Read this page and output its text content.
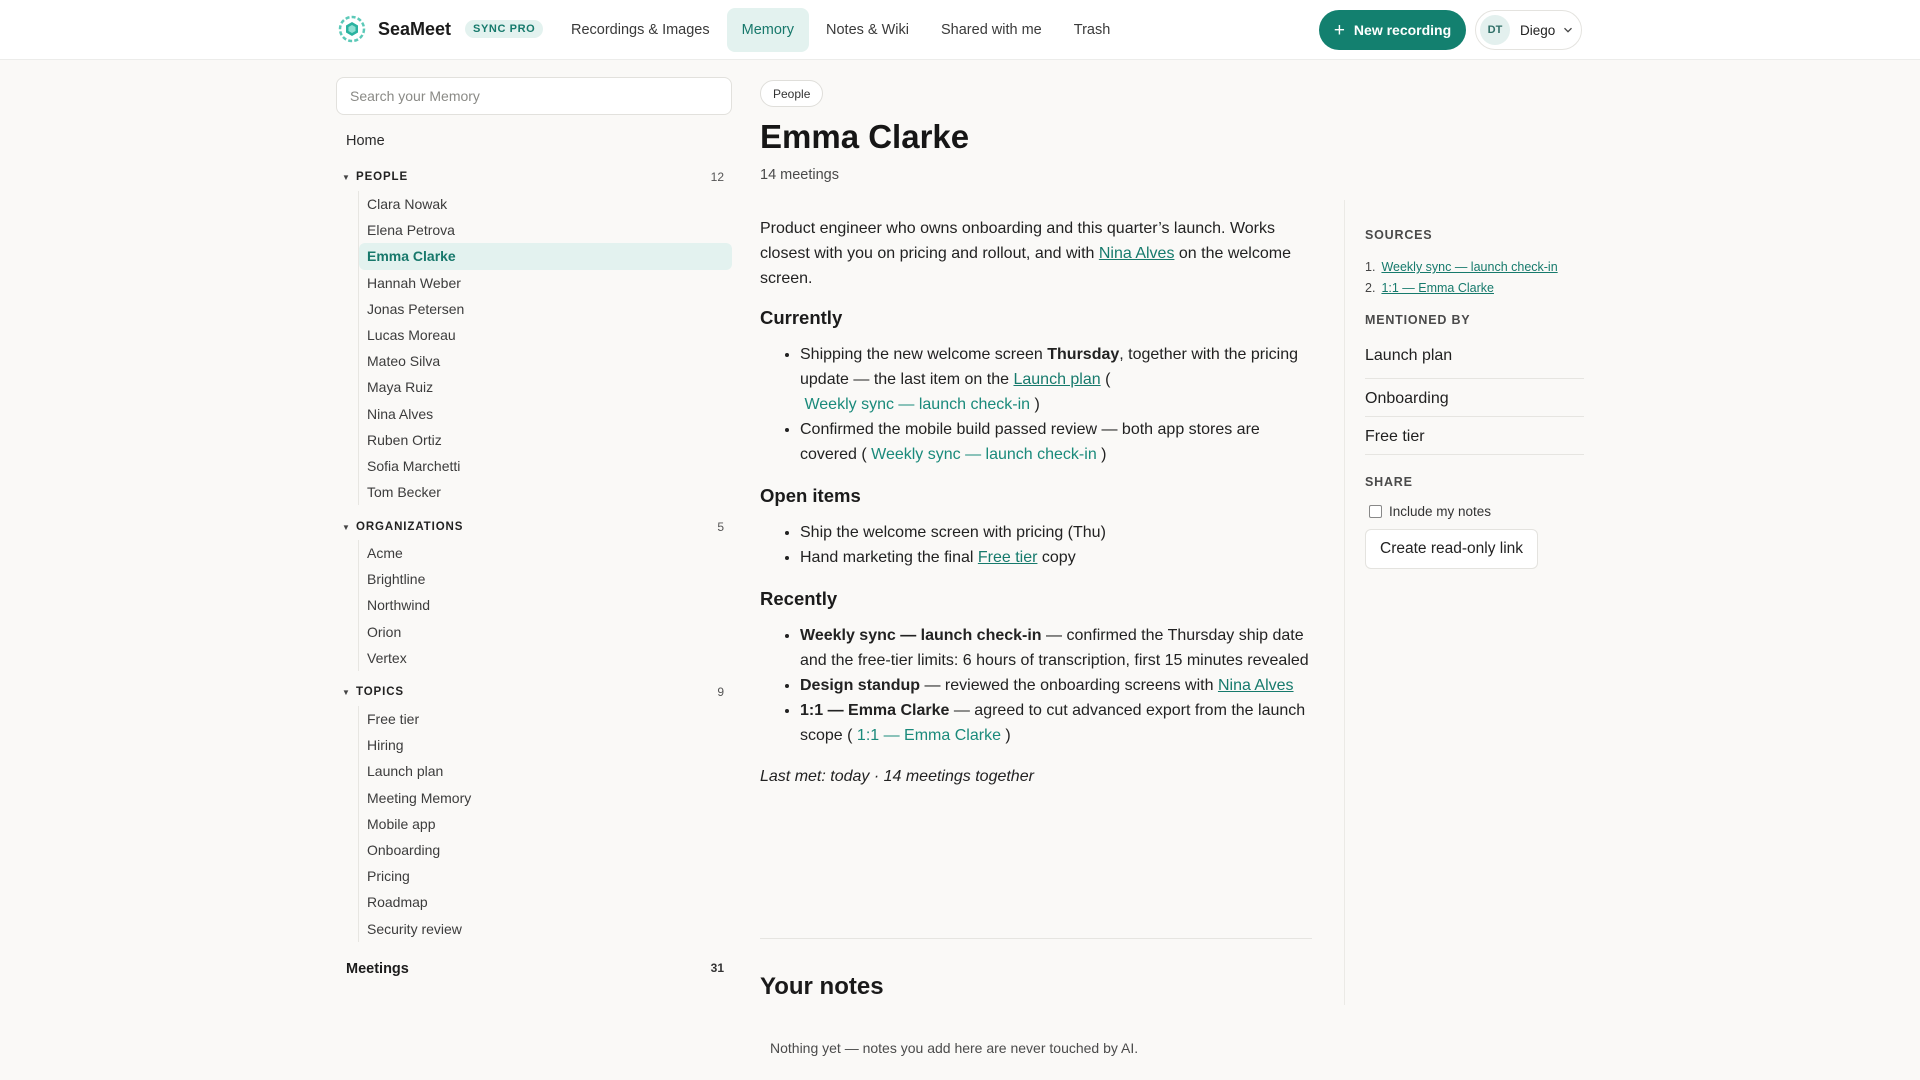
SeaMeet	SYNC PRO	Recordings & Images	Memory	Notes & Wiki	Shared with me	Trash	+ New recording	DT	Diego
Search your Memory
Home
▼ PEOPLE	12
Clara Nowak
Elena Petrova
Emma Clarke
Hannah Weber
Jonas Petersen
Lucas Moreau
Mateo Silva
Maya Ruiz
Nina Alves
Ruben Ortiz
Sofia Marchetti
Tom Becker
▼ ORGANIZATIONS	5
Acme
Brightline
Northwind
Orion
Vertex
▼ TOPICS	9
Free tier
Hiring
Launch plan
Meeting Memory
Mobile app
Onboarding
Pricing
Roadmap
Security review
Meetings	31
People
Emma Clarke
14 meetings

Product engineer who owns onboarding and this quarter’s launch. Works closest with you on pricing and rollout, and with Nina Alves on the welcome screen.

Currently
• Shipping the new welcome screen Thursday, together with the pricing update — the last item on the Launch plan (
Weekly sync — launch check-in )
• Confirmed the mobile build passed review — both app stores are covered ( Weekly sync — launch check-in )
Open items
• Ship the welcome screen with pricing (Thu)
• Hand marketing the final Free tier copy
Recently
• Weekly sync — launch check-in — confirmed the Thursday ship date and the free-tier limits: 6 hours of transcription, first 15 minutes revealed
• Design standup — reviewed the onboarding screens with Nina Alves
• 1:1 — Emma Clarke — agreed to cut advanced export from the launch scope ( 1:1 — Emma Clarke )

Last met: today · 14 meetings together

Your notes
Nothing yet — notes you add here are never touched by AI.
SOURCES
1. Weekly sync — launch check-in
2. 1:1 — Emma Clarke
MENTIONED BY
Launch plan
Onboarding
Free tier
SHARE
Include my notes
Create read-only link
